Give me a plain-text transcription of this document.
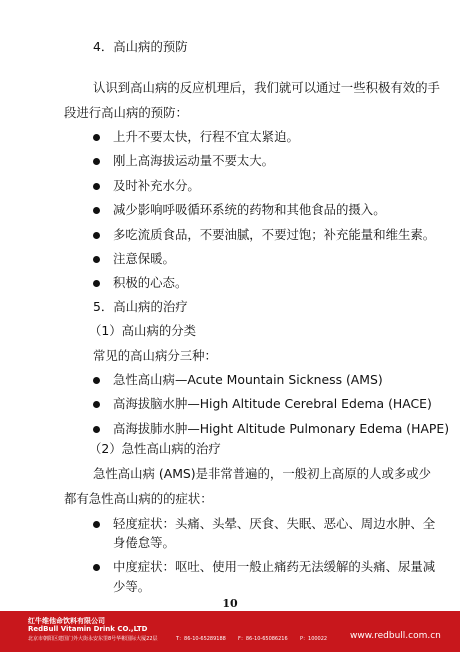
4．高山病的预防
认识到高山病的反应机理后，我们就可以通过一些积极有效的手
段进行高山病的预防：
上升不要太快，行程不宜太紧迫。
刚上高海拔运动量不要太大。
及时补充水分。
减少影响呼吸循环系统的药物和其他食品的摄入。
多吃流质食品，不要油腻，不要过饱；补充能量和维生素。
注意保暖。
积极的心态。
5．高山病的治疗
（1）高山病的分类
常见的高山病分三种：
急性高山病—Acute Mountain Sickness (AMS)
高海拔脑水肿—High Altitude Cerebral Edema (HACE)
高海拔肺水肿—Hight Altitude Pulmonary Edema (HAPE)
（2）急性高山病的治疗
急性高山病 (AMS)是非常普遍的，一般初上高原的人或多或少
都有急性高山病的的症状：
轻度症状：头痛、头晕、厌食、失眠、恶心、周边水肿、全
身倦怠等。
中度症状：呕吐、使用一般止痛药无法缓解的头痛、尿量减
少等。
10
红牛维他命饮料有限公司
RedBull Vitamin Drink CO.,LTD
北京市朝阳区建国门外大街永安东里8号华彬国际大厦22层	T：86-10-65289188 F：86-10-65086216 P：100022	www.redbull.com.cn
